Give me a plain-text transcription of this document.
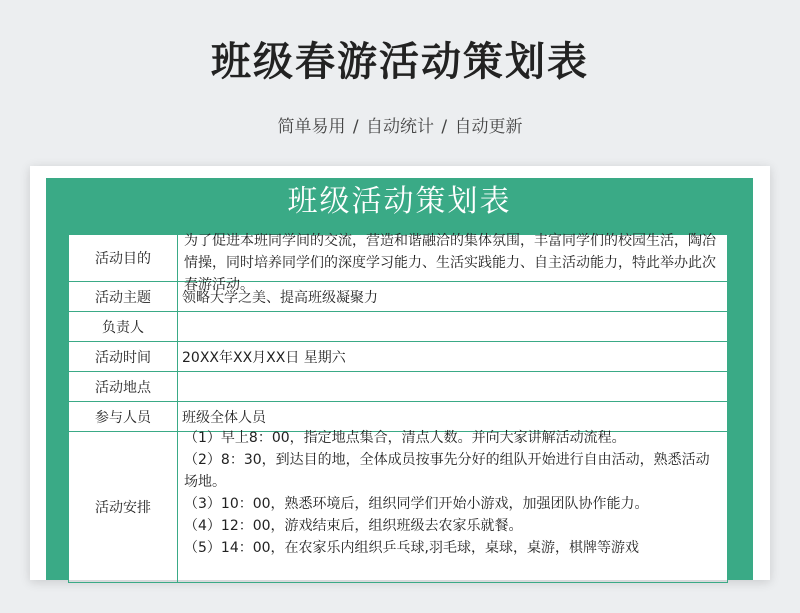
班级春游活动策划表
简单易用 / 自动统计 / 自动更新
班级活动策划表
活动目的	为了促进本班同学间的交流，营造和谐融洽的集体氛围，丰富同学们的校园生活，陶冶情操，同时培养同学们的深度学习能力、生活实践能力、自主活动能力，特此举办此次春游活动。

活动主题	领略大学之美、提高班级凝聚力
负责人	
活动时间	20XX年XX月XX日 星期六
活动地点	
参与人员	班级全体人员
活动安排	（1）早上8：00，指定地点集合，清点人数。并向大家讲解活动流程。
（2）8：30，到达目的地，全体成员按事先分好的组队开始进行自由活动，熟悉活动场地。
（3）10：00，熟悉环境后，组织同学们开始小游戏，加强团队协作能力。
（4）12：00，游戏结束后，组织班级去农家乐就餐。
（5）14：00，在农家乐内组织乒乓球,羽毛球，桌球，桌游，棋牌等游戏
